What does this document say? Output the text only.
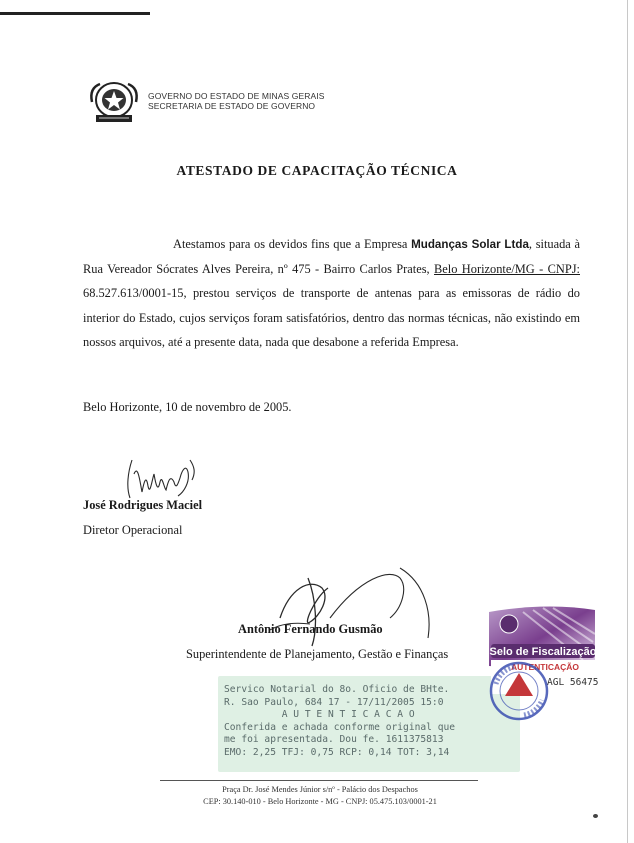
GOVERNO DO ESTADO DE MINAS GERAIS
SECRETARIA DE ESTADO DE GOVERNO
ATESTADO DE CAPACITAÇÃO TÉCNICA

Atestamos para os devidos fins que a Empresa Mudanças Solar Ltda, situada à Rua Vereador Sócrates Alves Pereira, nº 475 - Bairro Carlos Prates, Belo Horizonte/MG - CNPJ: 68.527.613/0001-15, prestou serviços de transporte de antenas para as emissoras de rádio do interior do Estado, cujos serviços foram satisfatórios, dentro das normas técnicas, não existindo em nossos arquivos, até a presente data, nada que desabone a referida Empresa.

Belo Horizonte, 10 de novembro de 2005.
José Rodrigues Maciel
Diretor Operacional
Antônio Fernando Gusmão
Superintendente de Planejamento, Gestão e Finanças
Servico Notarial do 8o. Oficio de BHte.
R. Sao Paulo, 684 17 - 17/11/2005 15:0
A U T E N T I C A C A O
Conferida e achada conforme original que
me foi apresentada. Dou fe. 1611375813
EMO: 2,25 TFJ: 0,75 RCP: 0,14 TOT: 3,14
Selo de Fiscalização
AUTENTICAÇÃO
AGL 56475
Praça Dr. José Mendes Júnior s/nº - Palácio dos Despachos
CEP: 30.140-010 - Belo Horizonte - MG - CNPJ: 05.475.103/0001-21
